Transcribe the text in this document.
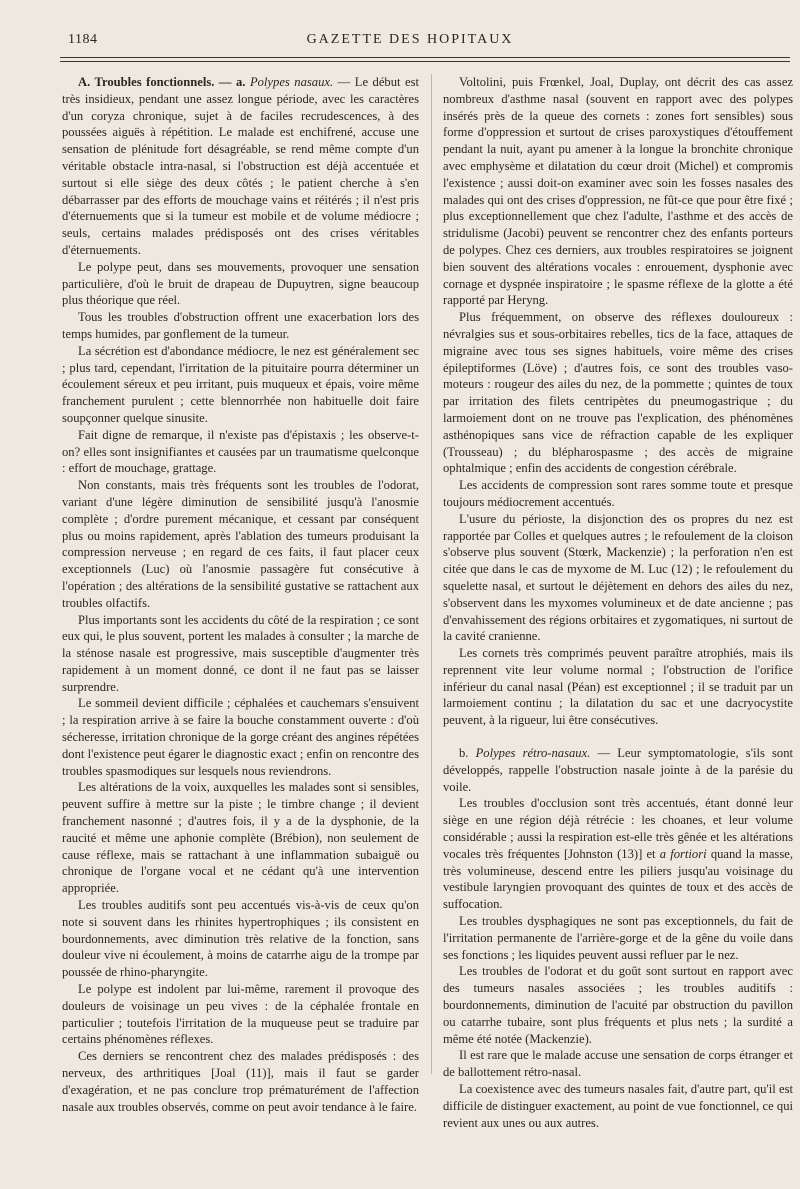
1184	GAZETTE DES HOPITAUX

A. Troubles fonctionnels. — a. Polypes nasaux. — Le début est très insidieux, pendant une assez longue période, avec les caractères d'un coryza chronique, sujet à de faciles recrudescences, à des poussées aiguës à répétition. Le malade est enchifrené, accuse une sensation de plénitude fort désagréable, se rend même compte d'un véritable obstacle intra-nasal, si l'obstruction est déjà accentuée et surtout si elle siège des deux côtés ; le patient cherche à s'en débarrasser par des efforts de mouchage vains et réitérés ; il n'est pris d'éternuements que si la tumeur est mobile et de volume médiocre ; seuls, certains malades prédisposés ont des crises véritables d'éternuements.

Le polype peut, dans ses mouvements, provoquer une sensation particulière, d'où le bruit de drapeau de Dupuytren, signe beaucoup plus théorique que réel.

Tous les troubles d'obstruction offrent une exacerbation lors des temps humides, par gonflement de la tumeur.

La sécrétion est d'abondance médiocre, le nez est généralement sec ; plus tard, cependant, l'irritation de la pituitaire pourra déterminer un écoulement séreux et peu irritant, puis muqueux et épais, voire même franchement purulent ; cette blennorrhée non habituelle doit faire soupçonner quelque sinusite.

Fait digne de remarque, il n'existe pas d'épistaxis ; les observe-t-on? elles sont insignifiantes et causées par un traumatisme quelconque : effort de mouchage, grattage.

Non constants, mais très fréquents sont les troubles de l'odorat, variant d'une légère diminution de sensibilité jusqu'à l'anosmie complète ; d'ordre purement mécanique, et cessant par conséquent plus ou moins rapidement, après l'ablation des tumeurs produisant la compression nerveuse ; en regard de ces faits, il faut placer ceux exceptionnels (Luc) où l'anosmie passagère fut consécutive à l'opération ; des altérations de la sensibilité gustative se rattachent aux troubles olfactifs.

Plus importants sont les accidents du côté de la respiration ; ce sont eux qui, le plus souvent, portent les malades à consulter ; la marche de la sténose nasale est progressive, mais susceptible d'augmenter très rapidement à un moment donné, ce dont il ne faut pas se laisser surprendre.

Le sommeil devient difficile ; céphalées et cauchemars s'ensuivent ; la respiration arrive à se faire la bouche constamment ouverte : d'où sécheresse, irritation chronique de la gorge créant des angines répétées dont l'existence peut égarer le diagnostic exact ; enfin on rencontre des troubles spasmodiques sur lesquels nous reviendrons.

Les altérations de la voix, auxquelles les malades sont si sensibles, peuvent suffire à mettre sur la piste ; le timbre change ; il devient franchement nasonné ; d'autres fois, il y a de la dysphonie, de la raucité et même une aphonie complète (Brébion), non seulement de cause réflexe, mais se rattachant à une inflammation subaiguë ou chronique de l'organe vocal et ne cédant qu'à une intervention appropriée.

Les troubles auditifs sont peu accentués vis-à-vis de ceux qu'on note si souvent dans les rhinites hypertrophiques ; ils consistent en bourdonnements, avec diminution très relative de la fonction, sans douleur vive ni écoulement, à moins de catarrhe aigu de la trompe par poussée de rhino-pharyngite.

Le polype est indolent par lui-même, rarement il provoque des douleurs de voisinage un peu vives : de la céphalée frontale en particulier ; toutefois l'irritation de la muqueuse peut se traduire par certains phénomènes réflexes.

Ces derniers se rencontrent chez des malades prédisposés : des nerveux, des arthritiques [Joal (11)], mais il faut se garder d'exagération, et ne pas conclure trop prématurément de l'affection nasale aux troubles observés, comme on peut avoir tendance à le faire.

Voltolini, puis Frœnkel, Joal, Duplay, ont décrit des cas assez nombreux d'asthme nasal (souvent en rapport avec des polypes insérés près de la queue des cornets : zones fort sensibles) sous forme d'oppression et surtout de crises paroxystiques d'étouffement pendant la nuit, ayant pu amener à la longue la bronchite chronique avec emphysème et dilatation du cœur droit (Michel) et compromis l'existence ; aussi doit-on examiner avec soin les fosses nasales des malades qui ont des crises d'oppression, ne fût-ce que pour être fixé ; plus exceptionnellement que chez l'adulte, l'asthme et des accès de stridulisme (Jacobi) peuvent se rencontrer chez des enfants porteurs de polypes. Chez ces derniers, aux troubles respiratoires se joignent bien souvent des altérations vocales : enrouement, dysphonie avec cornage et dyspnée inspiratoire ; le spasme réflexe de la glotte a été rapporté par Heryng.

Plus fréquemment, on observe des réflexes douloureux : névralgies sus et sous-orbitaires rebelles, tics de la face, attaques de migraine avec tous ses signes habituels, voire même des crises épileptiformes (Löve) ; d'autres fois, ce sont des troubles vaso-moteurs : rougeur des ailes du nez, de la pommette ; quintes de toux par irritation des filets centripètes du pneumogastrique ; du larmoiement dont on ne trouve pas l'explication, des phénomènes asthénopiques sans vice de réfraction capable de les expliquer (Trousseau) ; du blépharospasme ; des accès de migraine ophtalmique ; enfin des accidents de congestion cérébrale.

Les accidents de compression sont rares somme toute et presque toujours médiocrement accentués.

L'usure du périoste, la disjonction des os propres du nez est rapportée par Colles et quelques autres ; le refoulement de la cloison s'observe plus souvent (Stœrk, Mackenzie) ; la perforation n'en est citée que dans le cas de myxome de M. Luc (12) ; le refoulement du squelette nasal, et surtout le déjètement en dehors des ailes du nez, s'observent dans les myxomes volumineux et de date ancienne ; pas d'envahissement des régions orbitaires et zygomatiques, ni surtout de la cavité cranienne.

Les cornets très comprimés peuvent paraître atrophiés, mais ils reprennent vite leur volume normal ; l'obstruction de l'orifice inférieur du canal nasal (Péan) est exceptionnel ; il se traduit par un larmoiement continu ; la dilatation du sac et une dacryocystite peuvent, à la rigueur, lui être consécutives.

b. Polypes rétro-nasaux. — Leur symptomatologie, s'ils sont développés, rappelle l'obstruction nasale jointe à de la parésie du voile.

Les troubles d'occlusion sont très accentués, étant donné leur siège en une région déjà rétrécie : les choanes, et leur volume considérable ; aussi la respiration est-elle très gênée et les altérations vocales très fréquentes [Johnston (13)] et a fortiori quand la masse, très volumineuse, descend entre les piliers jusqu'au voisinage du vestibule laryngien provoquant des quintes de toux et des accès de suffocation.

Les troubles dysphagiques ne sont pas exceptionnels, du fait de l'irritation permanente de l'arrière-gorge et de la gêne du voile dans ses fonctions ; les liquides peuvent aussi refluer par le nez.

Les troubles de l'odorat et du goût sont surtout en rapport avec des tumeurs nasales associées ; les troubles auditifs : bourdonnements, diminution de l'acuité par obstruction du pavillon ou catarrhe tubaire, sont plus fréquents et plus nets ; la surdité a même été notée (Mackenzie).

Il est rare que le malade accuse une sensation de corps étranger et de ballottement rétro-nasal.

La coexistence avec des tumeurs nasales fait, d'autre part, qu'il est difficile de distinguer exactement, au point de vue fonctionnel, ce qui revient aux unes ou aux autres.
